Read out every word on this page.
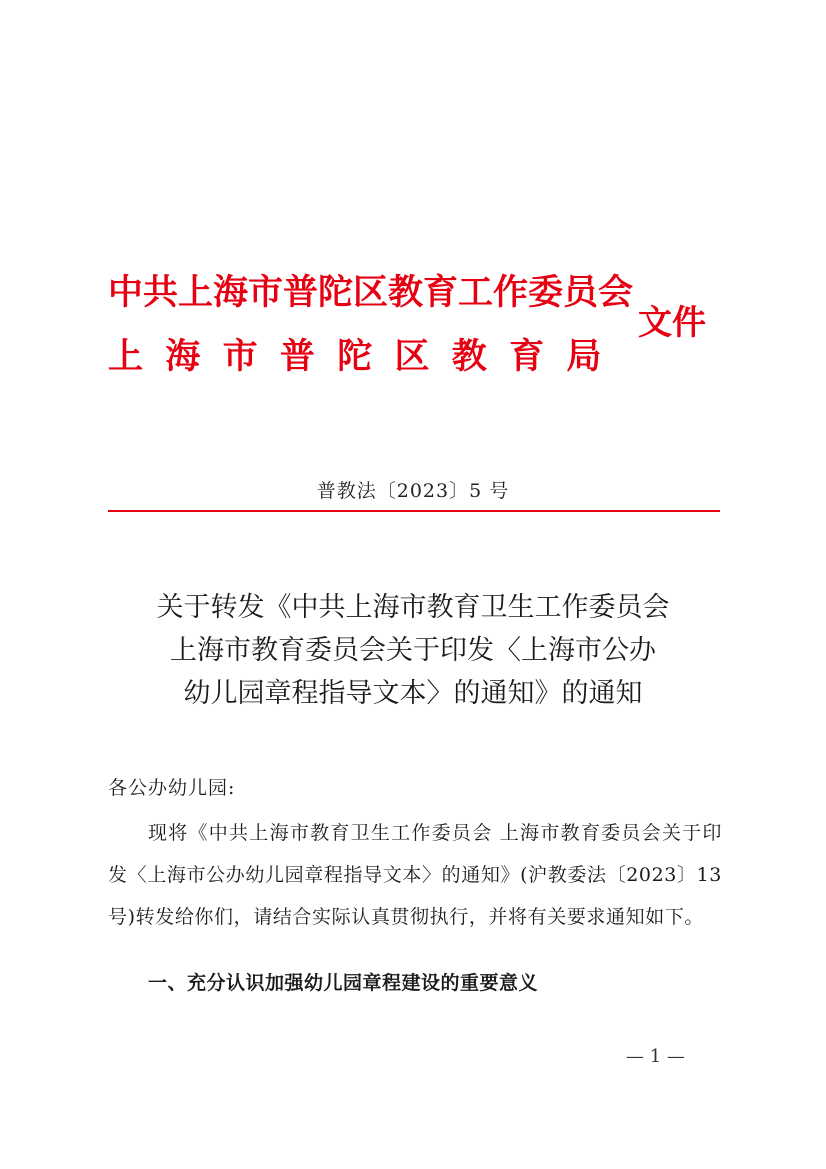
中共上海市普陀区教育工作委员会
上海市普陀区教育局
文件
普教法〔2023〕5 号
关于转发《中共上海市教育卫生工作委员会
上海市教育委员会关于印发〈上海市公办
幼儿园章程指导文本〉的通知》的通知
各公办幼儿园:
现将《中共上海市教育卫生工作委员会 上海市教育委员会关于印发〈上海市公办幼儿园章程指导文本〉的通知》(沪教委法〔2023〕13 号)转发给你们，请结合实际认真贯彻执行，并将有关要求通知如下。
一、充分认识加强幼儿园章程建设的重要意义
— 1 —
